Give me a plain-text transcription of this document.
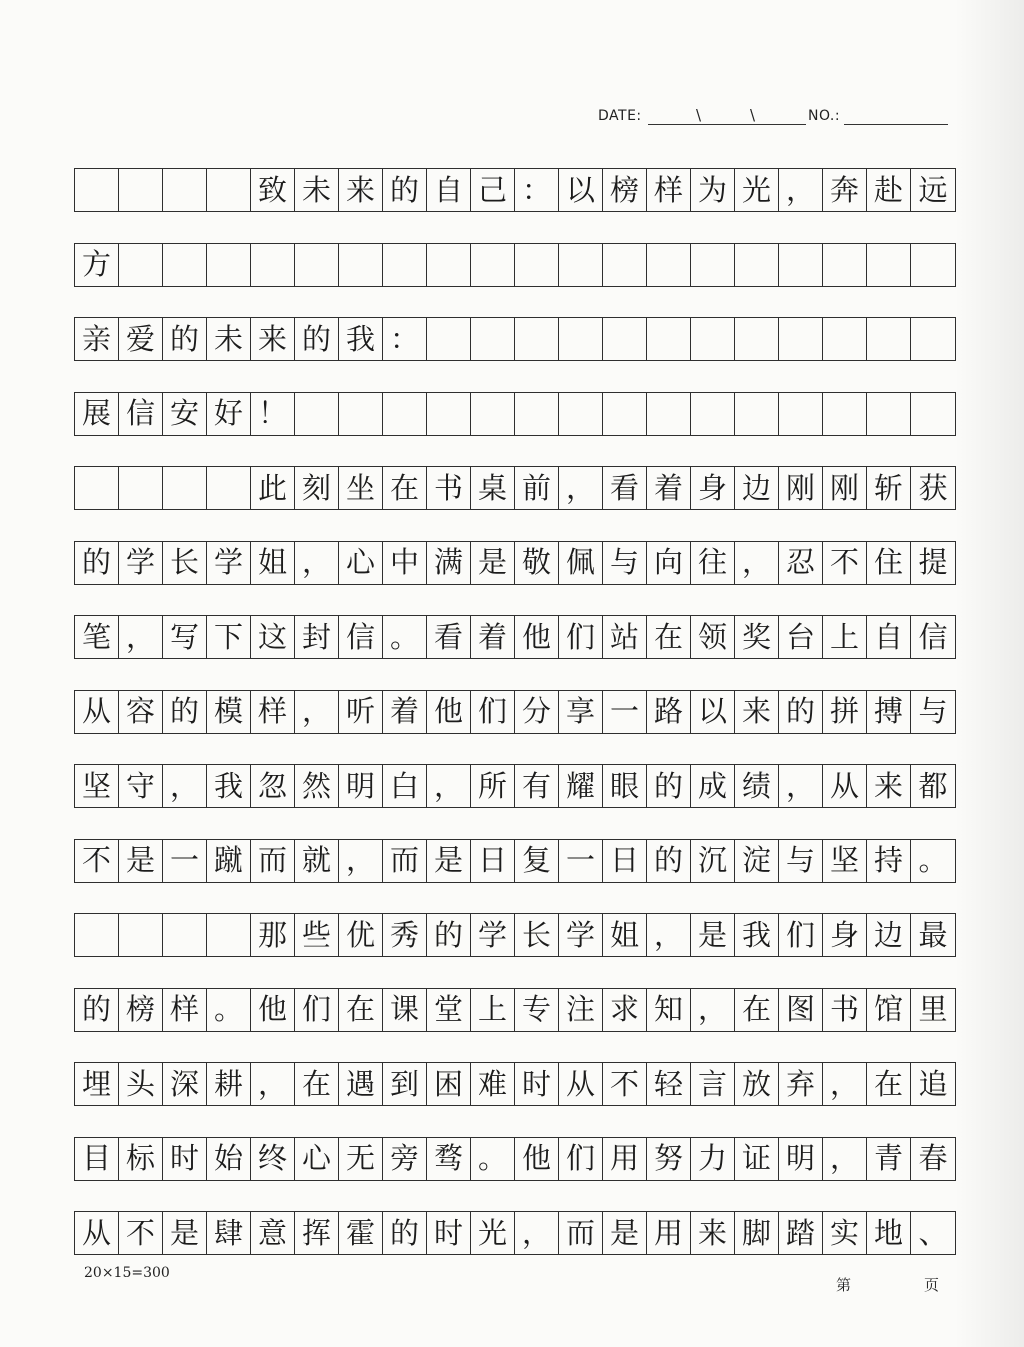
DATE:	\	\	NO.:
致 未 来 的 自 己 ： 以 榜 样 为 光 ， 奔 赴 远
方
亲 爱 的 未 来 的 我 ：
展 信 安 好 ！
此 刻 坐 在 书 桌 前 ， 看 着 身 边 刚 刚 斩 获
的 学 长 学 姐 ， 心 中 满 是 敬 佩 与 向 往 ， 忍 不 住 提
笔 ， 写 下 这 封 信 。 看 着 他 们 站 在 领 奖 台 上 自 信
从 容 的 模 样 ， 听 着 他 们 分 享 一 路 以 来 的 拼 搏 与
坚 守 ， 我 忽 然 明 白 ， 所 有 耀 眼 的 成 绩 ， 从 来 都
不 是 一 蹴 而 就 ， 而 是 日 复 一 日 的 沉 淀 与 坚 持 。
那 些 优 秀 的 学 长 学 姐 ， 是 我 们 身 边 最
的 榜 样 。 他 们 在 课 堂 上 专 注 求 知 ， 在 图 书 馆 里
埋 头 深 耕 ， 在 遇 到 困 难 时 从 不 轻 言 放 弃 ， 在 追
目 标 时 始 终 心 无 旁 骛 。 他 们 用 努 力 证 明 ， 青 春
从 不 是 肆 意 挥 霍 的 时 光 ， 而 是 用 来 脚 踏 实 地 、
20×15=300
第	页
